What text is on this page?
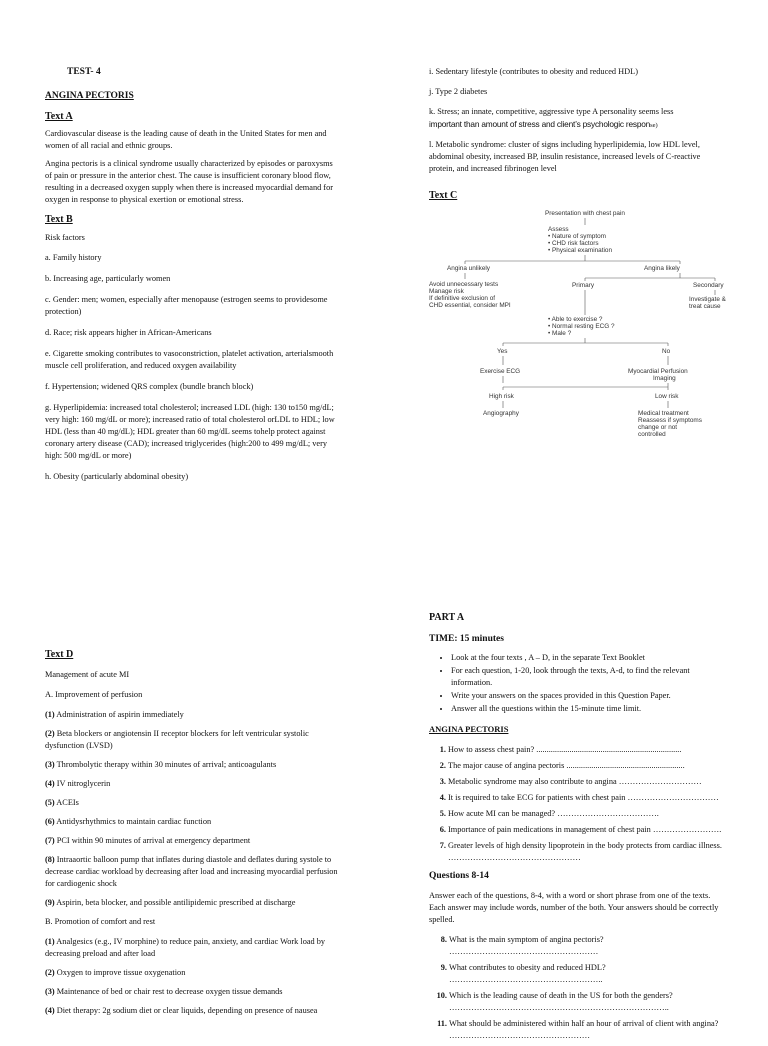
TEST- 4

ANGINA PECTORIS

Text A

Cardiovascular disease is the leading cause of death in the United States for men and women of all racial and ethnic groups.

Angina pectoris is a clinical syndrome usually characterized by episodes or paroxysms of pain or pressure in the anterior chest. The cause is insufficient coronary blood flow, resulting in a decreased oxygen supply when there is increased myocardial demand for oxygen in response to physical exertion or emotional stress.

Text B

Risk factors

a. Family history

b. Increasing age, particularly women

c. Gender: men; women, especially after menopause (estrogen seems to providesome protection)

d. Race; risk appears higher in African-Americans

e. Cigarette smoking contributes to vasoconstriction, platelet activation, arterialsmooth muscle cell proliferation, and reduced oxygen availability

f. Hypertension; widened QRS complex (bundle branch block)

g. Hyperlipidemia: increased total cholesterol; increased LDL (high: 130 to150 mg/dL; very high: 160 mg/dL or more); increased ratio of total cholesterol orLDL to HDL; low HDL (less than 40 mg/dL); HDL greater than 60 mg/dL seems tohelp protect against coronary artery disease (CAD); increased triglycerides (high:200 to 499 mg/dL; very high: 500 mg/dL or more)

h. Obesity (particularly abdominal obesity)

i. Sedentary lifestyle (contributes to obesity and reduced HDL)

j. Type 2 diabetes

k. Stress; an innate, competitive, aggressive type A personality seems less
important than amount of stress and client’s psychologic response)

l. Metabolic syndrome: cluster of signs including hyperlipidemia, low HDL level, abdominal obesity, increased BP, insulin resistance, increased levels of C-reactive protein, and increased fibrinogen level

Text C

Presentation with chest pain
Assess
• Nature of symptom
• CHD risk factors
• Physical examination
Angina unlikely	Angina likely
Avoid unnecessary tests
Manage risk
If definitive exclusion of
CHD essential, consider MPI
Primary	Secondary
Investigate &
treat cause
• Able to exercise ?
• Normal resting ECG ?
• Male ?
Yes	No
Exercise ECG	Myocardial Perfusion
Imaging
High risk	Low risk
Angiography	Medical treatment
Reassess if symptoms
change or not
controlled

Text D

Management of acute MI

A. Improvement of perfusion

(1) Administration of aspirin immediately

(2) Beta blockers or angiotensin II receptor blockers for left ventricular systolic dysfunction (LVSD)

(3) Thrombolytic therapy within 30 minutes of arrival; anticoagulants

(4) IV nitroglycerin

(5) ACEIs

(6) Antidysrhythmics to maintain cardiac function

(7) PCI within 90 minutes of arrival at emergency department

(8) Intraaortic balloon pump that inflates during diastole and deflates during systole to decrease cardiac workload by decreasing after load and increasing myocardial perfusion for cardiogenic shock

(9) Aspirin, beta blocker, and possible antilipidemic prescribed at discharge

B. Promotion of comfort and rest

(1) Analgesics (e.g., IV morphine) to reduce pain, anxiety, and cardiac Work load by decreasing preload and after load

(2) Oxygen to improve tissue oxygenation

(3) Maintenance of bed or chair rest to decrease oxygen tissue demands

(4) Diet therapy: 2g sodium diet or clear liquids, depending on presence of nausea

PART A

TIME: 15 minutes

• Look at the four texts , A – D, in the separate Text Booklet
• For each question, 1-20, look through the texts, A-d, to find the relevant information.
• Write your answers on the spaces provided in this Question Paper.
• Answer all the questions within the 15-minute time limit.

ANGINA PECTORIS

1. How to assess chest pain? ......................................................................
2. The major cause of angina pectoris .........................................................
3. Metabolic syndrome may also contribute to angina …………………………
4. It is required to take ECG for patients with chest pain ……………………………
5. How acute MI can be managed? ……………………………….
6. Importance of pain medications in management of chest pain …………………….
7. Greater levels of high density lipoprotein in the body protects from cardiac illness. …………………………………………

Questions 8-14

Answer each of the questions, 8-4, with a word or short phrase from one of the texts. Each answer may include words, number of the both. Your answers should be correctly spelled.

8. What is the main symptom of angina pectoris? ………………………………………………
9. What contributes to obesity and reduced HDL? ………………………………………………..
10. Which is the leading cause of death in the US for both the genders? ……………………………………………………………………..
11. What should be administered within half an hour of arrival of client with angina? ……………………………………………
